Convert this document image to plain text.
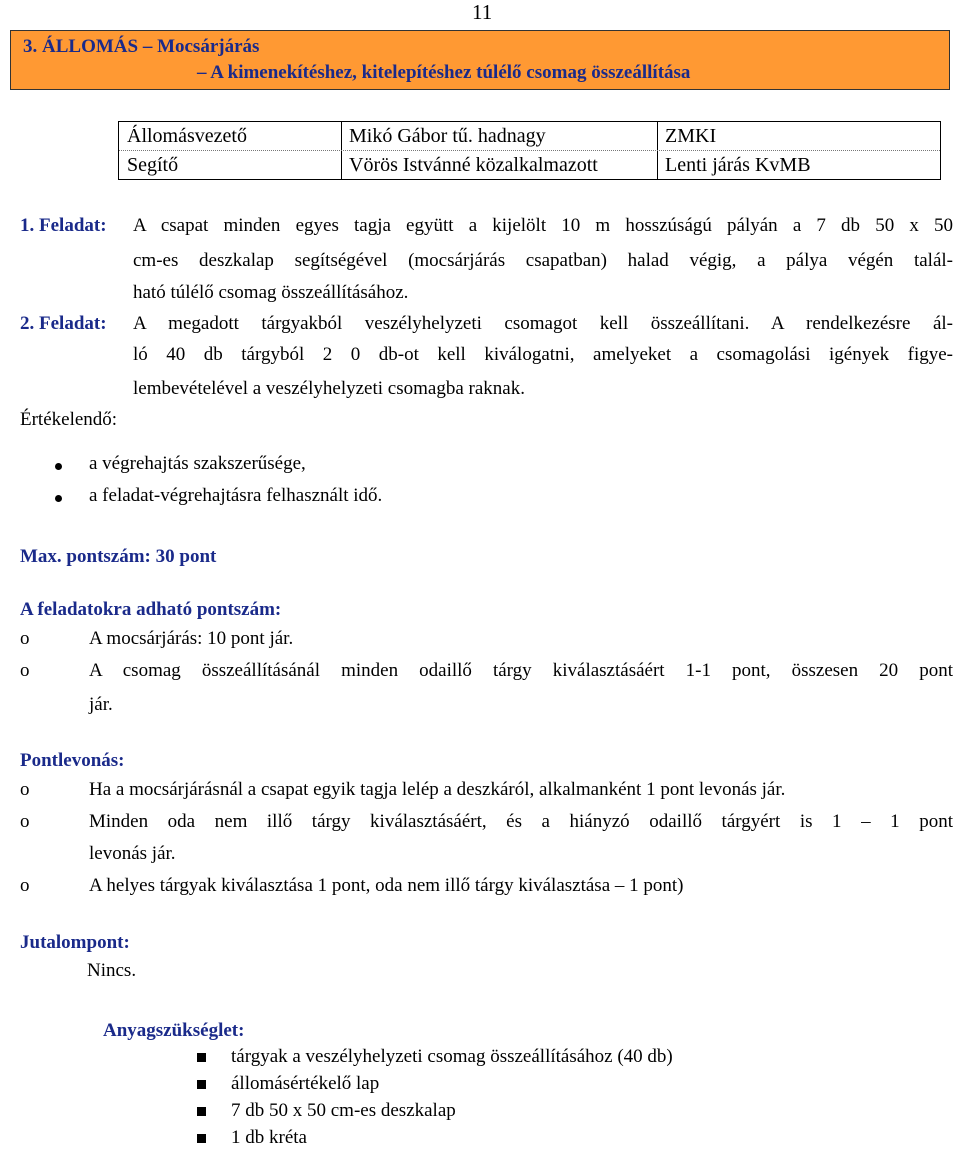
11
3. ÁLLOMÁS – Mocsárjárás
– A kimenekítéshez, kitelepítéshez túlélő csomag összeállítása
Állomásvezető	Mikó Gábor tű. hadnagy	ZMKI
Segítő	Vörös Istvánné közalkalmazott	Lenti járás KvMB
1. Feladat: A csapat minden egyes tagja együtt a kijelölt 10 m hosszúságú pályán a 7 db 50 x 50
cm-es deszkalap segítségével (mocsárjárás csapatban) halad végig, a pálya végén talál-
ható túlélő csomag összeállításához.
2. Feladat: A megadott tárgyakból veszélyhelyzeti csomagot kell összeállítani. A rendelkezésre ál-
ló 40 db tárgyból 2 0 db-ot kell kiválogatni, amelyeket a csomagolási igények figye-
lembevételével a veszélyhelyzeti csomagba raknak.
Értékelendő:
a végrehajtás szakszerűsége,
a feladat-végrehajtásra felhasznált idő.
Max. pontszám: 30 pont
A feladatokra adható pontszám:
o	A mocsárjárás: 10 pont jár.
o	A csomag összeállításánál minden odaillő tárgy kiválasztásáért 1-1 pont, összesen 20 pont
jár.
Pontlevonás:
o	Ha a mocsárjárásnál a csapat egyik tagja lelép a deszkáról, alkalmanként 1 pont levonás jár.
o	Minden oda nem illő tárgy kiválasztásáért, és a hiányzó odaillő tárgyért is 1 – 1 pont
levonás jár.
o	A helyes tárgyak kiválasztása 1 pont, oda nem illő tárgy kiválasztása – 1 pont)
Jutalompont:
Nincs.
Anyagszükséglet:
tárgyak a veszélyhelyzeti csomag összeállításához (40 db)
állomásértékelő lap
7 db 50 x 50 cm-es deszkalap
1 db kréta
